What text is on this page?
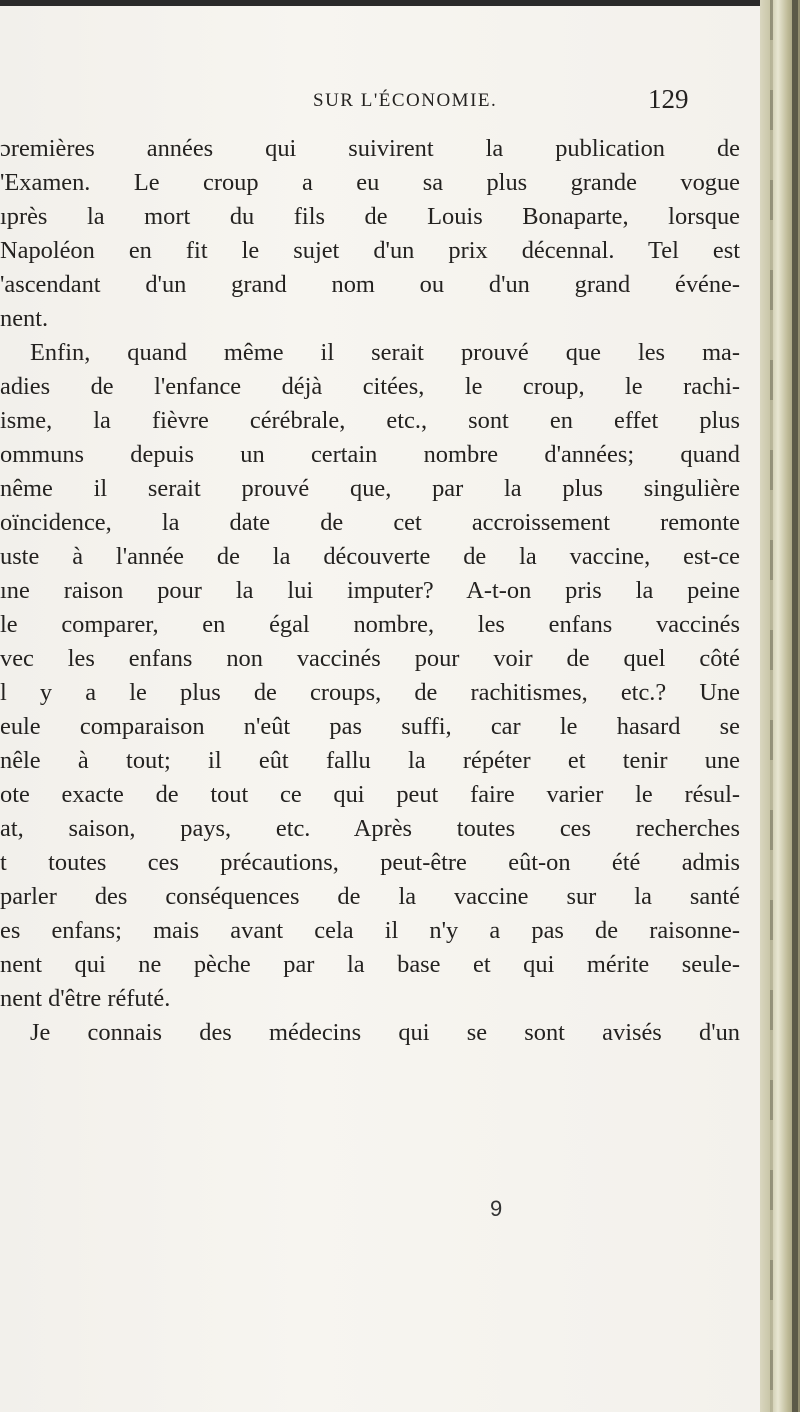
SUR L'ÉCONOMIE.	129
ɔremières années qui suivirent la publication de
'Examen. Le croup a eu sa plus grande vogue
ıprès la mort du fils de Louis Bonaparte, lorsque
Napoléon en fit le sujet d'un prix décennal. Tel est
'ascendant d'un grand nom ou d'un grand événe-
nent.
Enfin, quand même il serait prouvé que les ma-
adies de l'enfance déjà citées, le croup, le rachi-
isme, la fièvre cérébrale, etc., sont en effet plus
ommuns depuis un certain nombre d'années; quand
nême il serait prouvé que, par la plus singulière
oïncidence, la date de cet accroissement remonte
uste à l'année de la découverte de la vaccine, est-ce
ıne raison pour la lui imputer? A-t-on pris la peine
le comparer, en égal nombre, les enfans vaccinés
vec les enfans non vaccinés pour voir de quel côté
l y a le plus de croups, de rachitismes, etc.? Une
eule comparaison n'eût pas suffi, car le hasard se
nêle à tout; il eût fallu la répéter et tenir une
ote exacte de tout ce qui peut faire varier le résul-
at, saison, pays, etc. Après toutes ces recherches
t toutes ces précautions, peut-être eût-on été admis
parler des conséquences de la vaccine sur la santé
es enfans; mais avant cela il n'y a pas de raisonne-
nent qui ne pèche par la base et qui mérite seule-
nent d'être réfuté.
Je connais des médecins qui se sont avisés d'un
9
